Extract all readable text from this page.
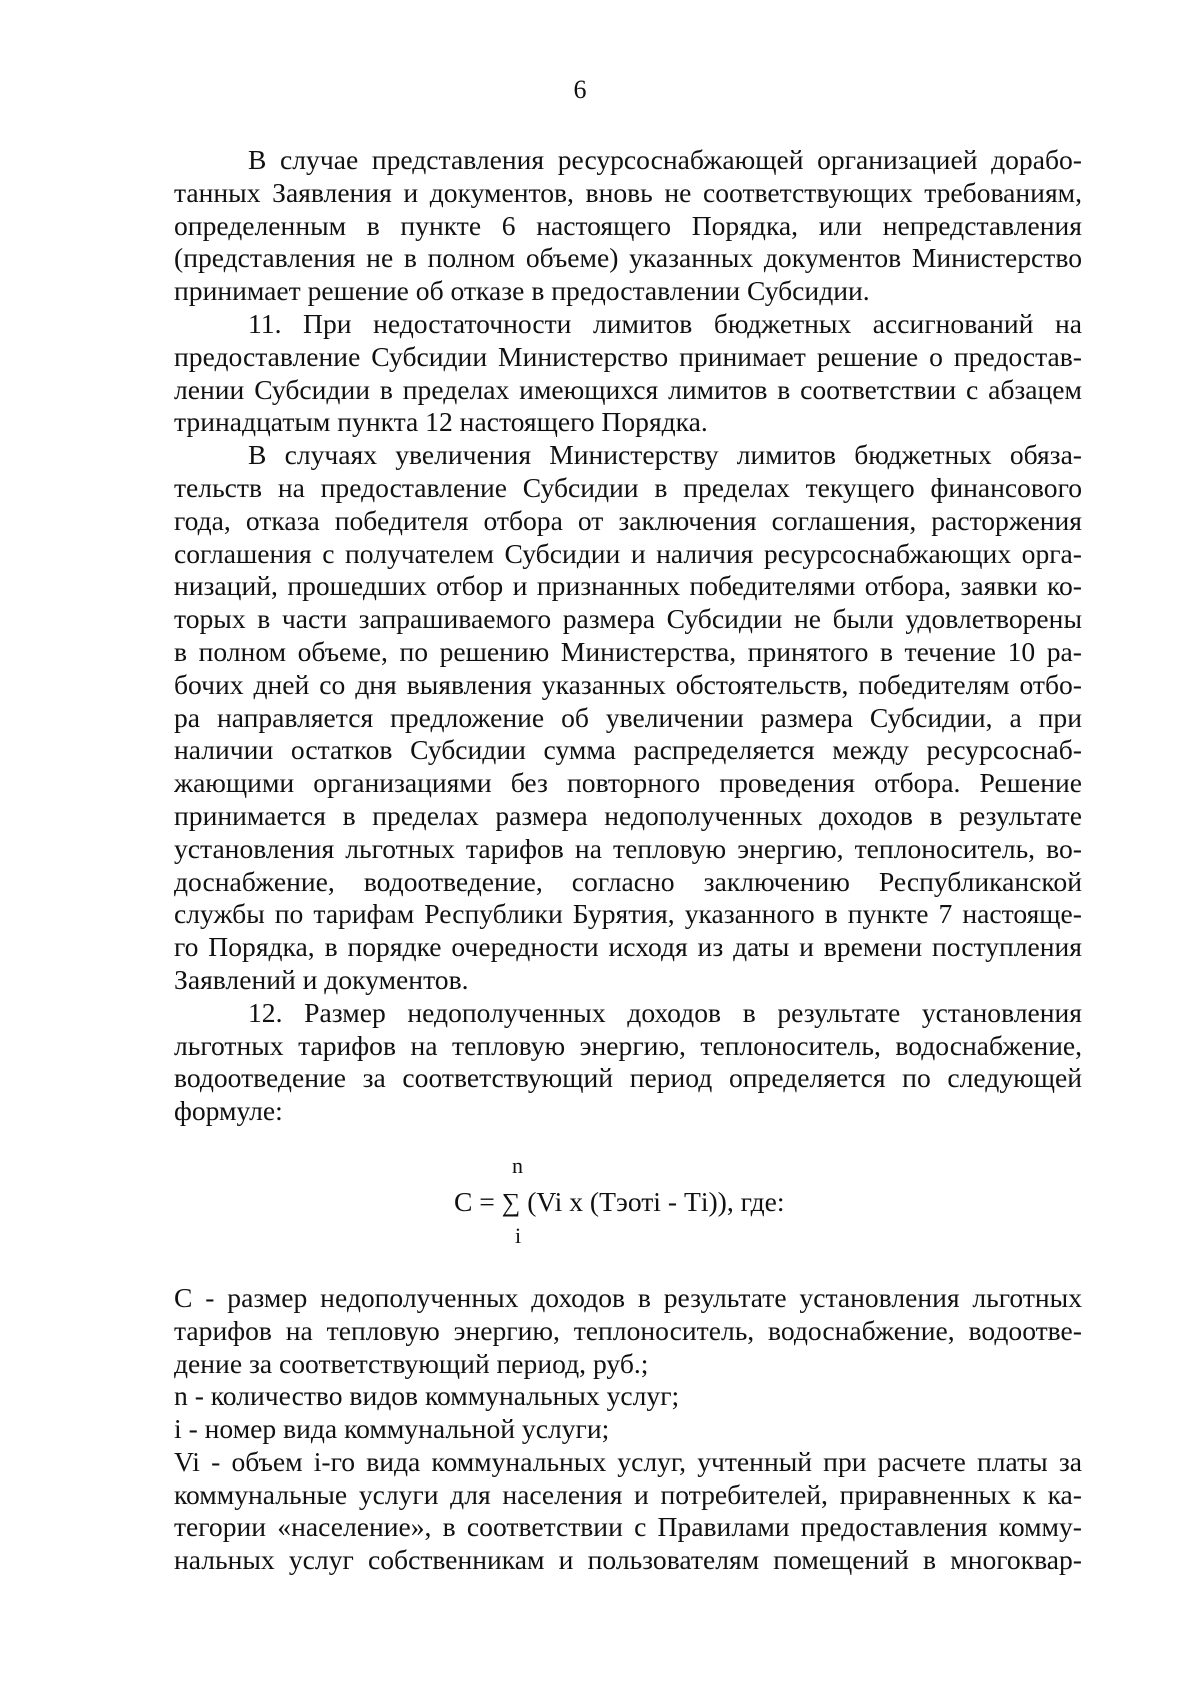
6
В случае представления ресурсоснабжающей организацией дорабо-
танных Заявления и документов, вновь не соответствующих требованиям,
определенным в пункте 6 настоящего Порядка, или непредставления
(представления не в полном объеме) указанных документов Министерство
принимает решение об отказе в предоставлении Субсидии.
11. При недостаточности лимитов бюджетных ассигнований на
предоставление Субсидии Министерство принимает решение о предостав-
лении Субсидии в пределах имеющихся лимитов в соответствии с абзацем
тринадцатым пункта 12 настоящего Порядка.
В случаях увеличения Министерству лимитов бюджетных обяза-
тельств на предоставление Субсидии в пределах текущего финансового
года, отказа победителя отбора от заключения соглашения, расторжения
соглашения с получателем Субсидии и наличия ресурсоснабжающих орга-
низаций, прошедших отбор и признанных победителями отбора, заявки ко-
торых в части запрашиваемого размера Субсидии не были удовлетворены
в полном объеме, по решению Министерства, принятого в течение 10 ра-
бочих дней со дня выявления указанных обстоятельств, победителям отбо-
ра направляется предложение об увеличении размера Субсидии, а при
наличии остатков Субсидии сумма распределяется между ресурсоснаб-
жающими организациями без повторного проведения отбора. Решение
принимается в пределах размера недополученных доходов в результате
установления льготных тарифов на тепловую энергию, теплоноситель, во-
доснабжение, водоотведение, согласно заключению Республиканской
службы по тарифам Республики Бурятия, указанного в пункте 7 настояще-
го Порядка, в порядке очередности исходя из даты и времени поступления
Заявлений и документов.
12. Размер недополученных доходов в результате установления
льготных тарифов на тепловую энергию, теплоноситель, водоснабжение,
водоотведение за соответствующий период определяется по следующей
формуле:
n
С = ∑ (Vi x (Тэотi - Тi)), где:
i
С - размер недополученных доходов в результате установления льготных
тарифов на тепловую энергию, теплоноситель, водоснабжение, водоотве-
дение за соответствующий период, руб.;
n - количество видов коммунальных услуг;
i - номер вида коммунальной услуги;
Vi - объем i-го вида коммунальных услуг, учтенный при расчете платы за
коммунальные услуги для населения и потребителей, приравненных к ка-
тегории «население», в соответствии с Правилами предоставления комму-
нальных услуг собственникам и пользователям помещений в многоквар-
